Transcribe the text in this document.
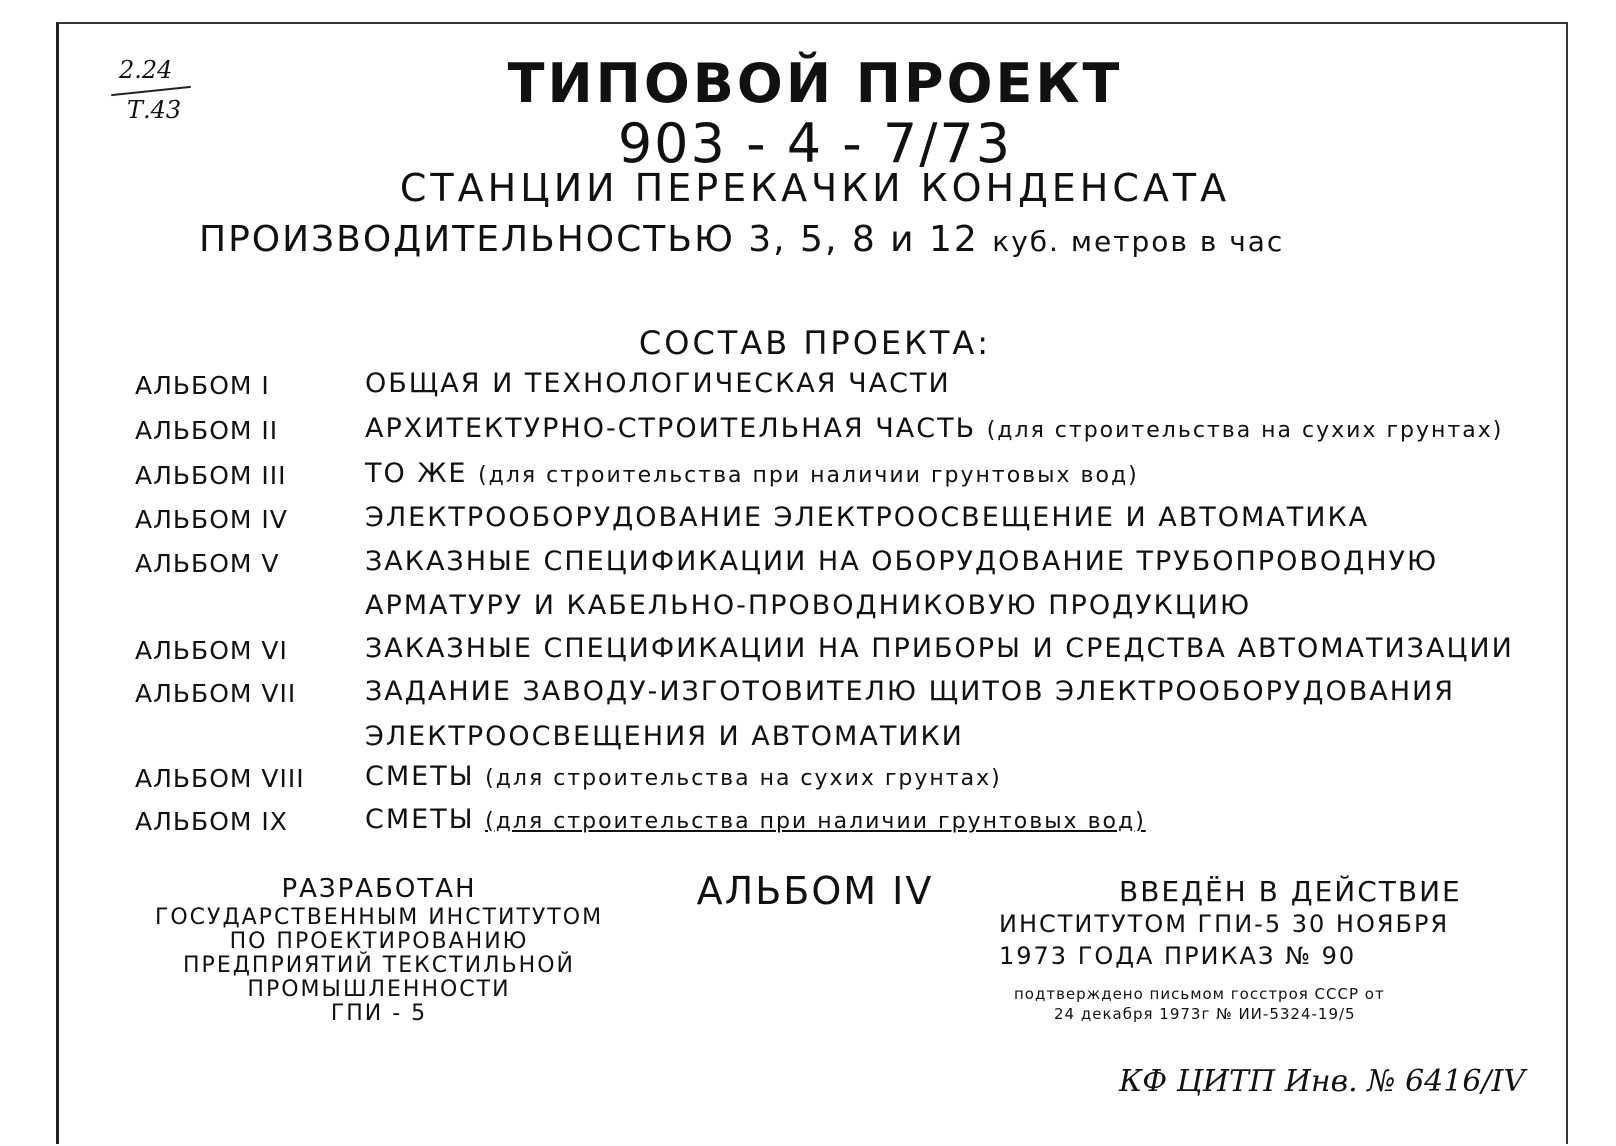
2.24
Т.43	ТИПОВОЙ ПРОЕКТ
903 - 4 - 7/73
СТАНЦИИ ПЕРЕКАЧКИ КОНДЕНСАТА
ПРОИЗВОДИТЕЛЬНОСТЬЮ 3, 5, 8 и 12 куб. метров в час
СОСТАВ ПРОЕКТА:
АЛЬБОМ I	ОБЩАЯ И ТЕХНОЛОГИЧЕСКАЯ ЧАСТИ
АЛЬБОМ II	АРХИТЕКТУРНО-СТРОИТЕЛЬНАЯ ЧАСТЬ (для строительства на сухих грунтах)
АЛЬБОМ III	ТО ЖЕ (для строительства при наличии грунтовых вод)
АЛЬБОМ IV	ЭЛЕКТРООБОРУДОВАНИЕ ЭЛЕКТРООСВЕЩЕНИЕ И АВТОМАТИКА
АЛЬБОМ V	ЗАКАЗНЫЕ СПЕЦИФИКАЦИИ НА ОБОРУДОВАНИЕ ТРУБОПРОВОДНУЮ
АРМАТУРУ И КАБЕЛЬНО-ПРОВОДНИКОВУЮ ПРОДУКЦИЮ
АЛЬБОМ VI	ЗАКАЗНЫЕ СПЕЦИФИКАЦИИ НА ПРИБОРЫ И СРЕДСТВА АВТОМАТИЗАЦИИ
АЛЬБОМ VII	ЗАДАНИЕ ЗАВОДУ-ИЗГОТОВИТЕЛЮ ЩИТОВ ЭЛЕКТРООБОРУДОВАНИЯ
ЭЛЕКТРООСВЕЩЕНИЯ И АВТОМАТИКИ
АЛЬБОМ VIII СМЕТЫ (для строительства на сухих грунтах)
АЛЬБОМ IX	СМЕТЫ (для строительства при наличии грунтовых вод)
РАЗРАБОТАН
ГОСУДАРСТВЕННЫМ ИНСТИТУТОМ
ПО ПРОЕКТИРОВАНИЮ
ПРЕДПРИЯТИЙ ТЕКСТИЛЬНОЙ
ПРОМЫШЛЕННОСТИ
ГПИ - 5
АЛЬБОМ IV	ВВЕДЁН В ДЕЙСТВИЕ
ИНСТИТУТОМ ГПИ-5 30 НОЯБРЯ
1973 ГОДА ПРИКАЗ № 90
подтверждено письмом госстроя СССР от
24 декабря 1973г № ИИ-5324-19/5
КФ ЦИТП Инв. № 6416/IV
